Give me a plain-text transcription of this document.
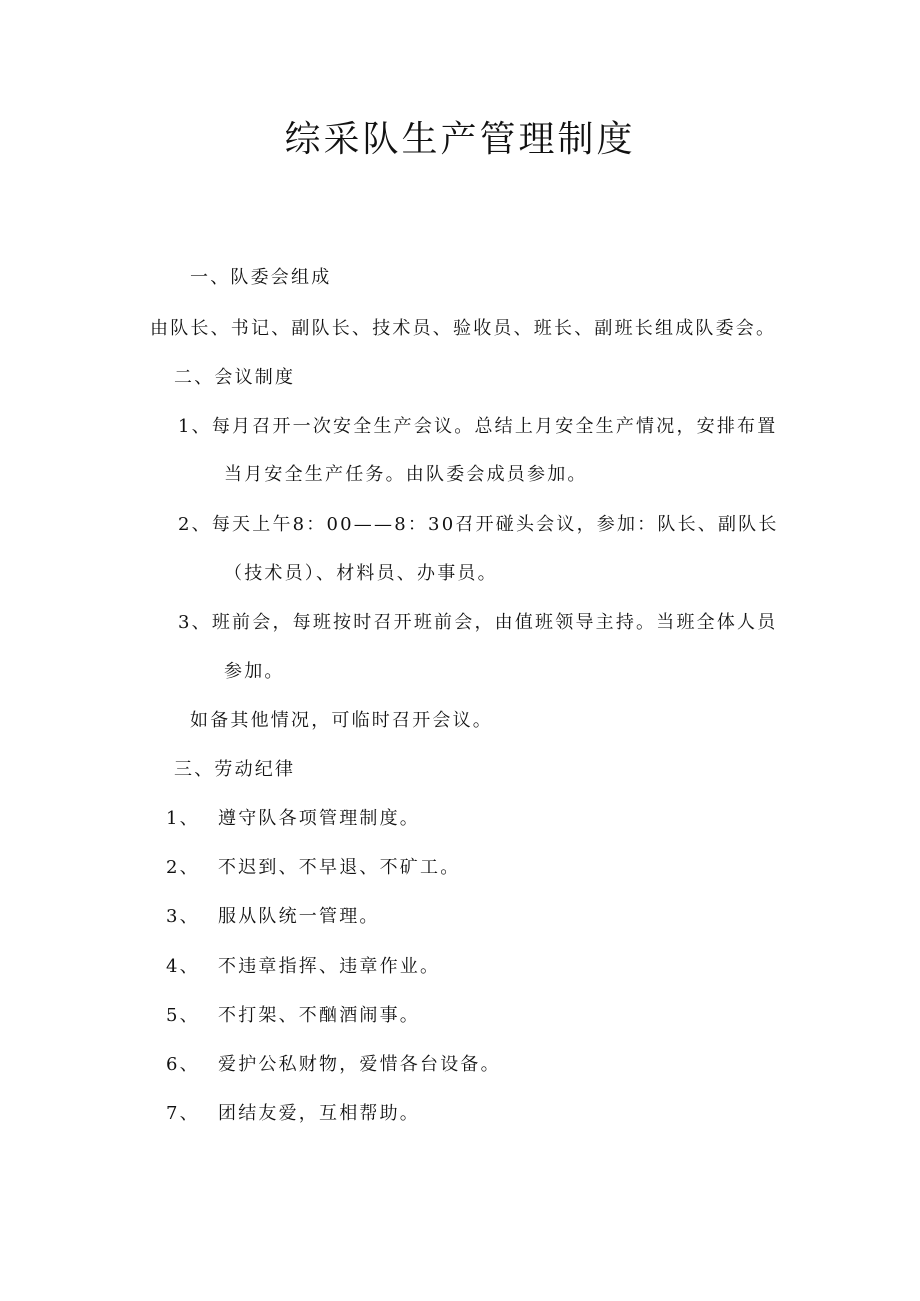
综采队生产管理制度
一、队委会组成
由队长、书记、副队长、技术员、验收员、班长、副班长组成队委会。
二、会议制度
1、每月召开一次安全生产会议。总结上月安全生产情况，安排布置
当月安全生产任务。由队委会成员参加。
2、每天上午8：00——8：30召开碰头会议，参加：队长、副队长
（技术员）、材料员、办事员。
3、班前会，每班按时召开班前会，由值班领导主持。当班全体人员
参加。
如备其他情况，可临时召开会议。
三、劳动纪律
1、 遵守队各项管理制度。
2、 不迟到、不早退、不矿工。
3、 服从队统一管理。
4、 不违章指挥、违章作业。
5、 不打架、不酗酒闹事。
6、 爱护公私财物，爱惜各台设备。
7、 团结友爱，互相帮助。
